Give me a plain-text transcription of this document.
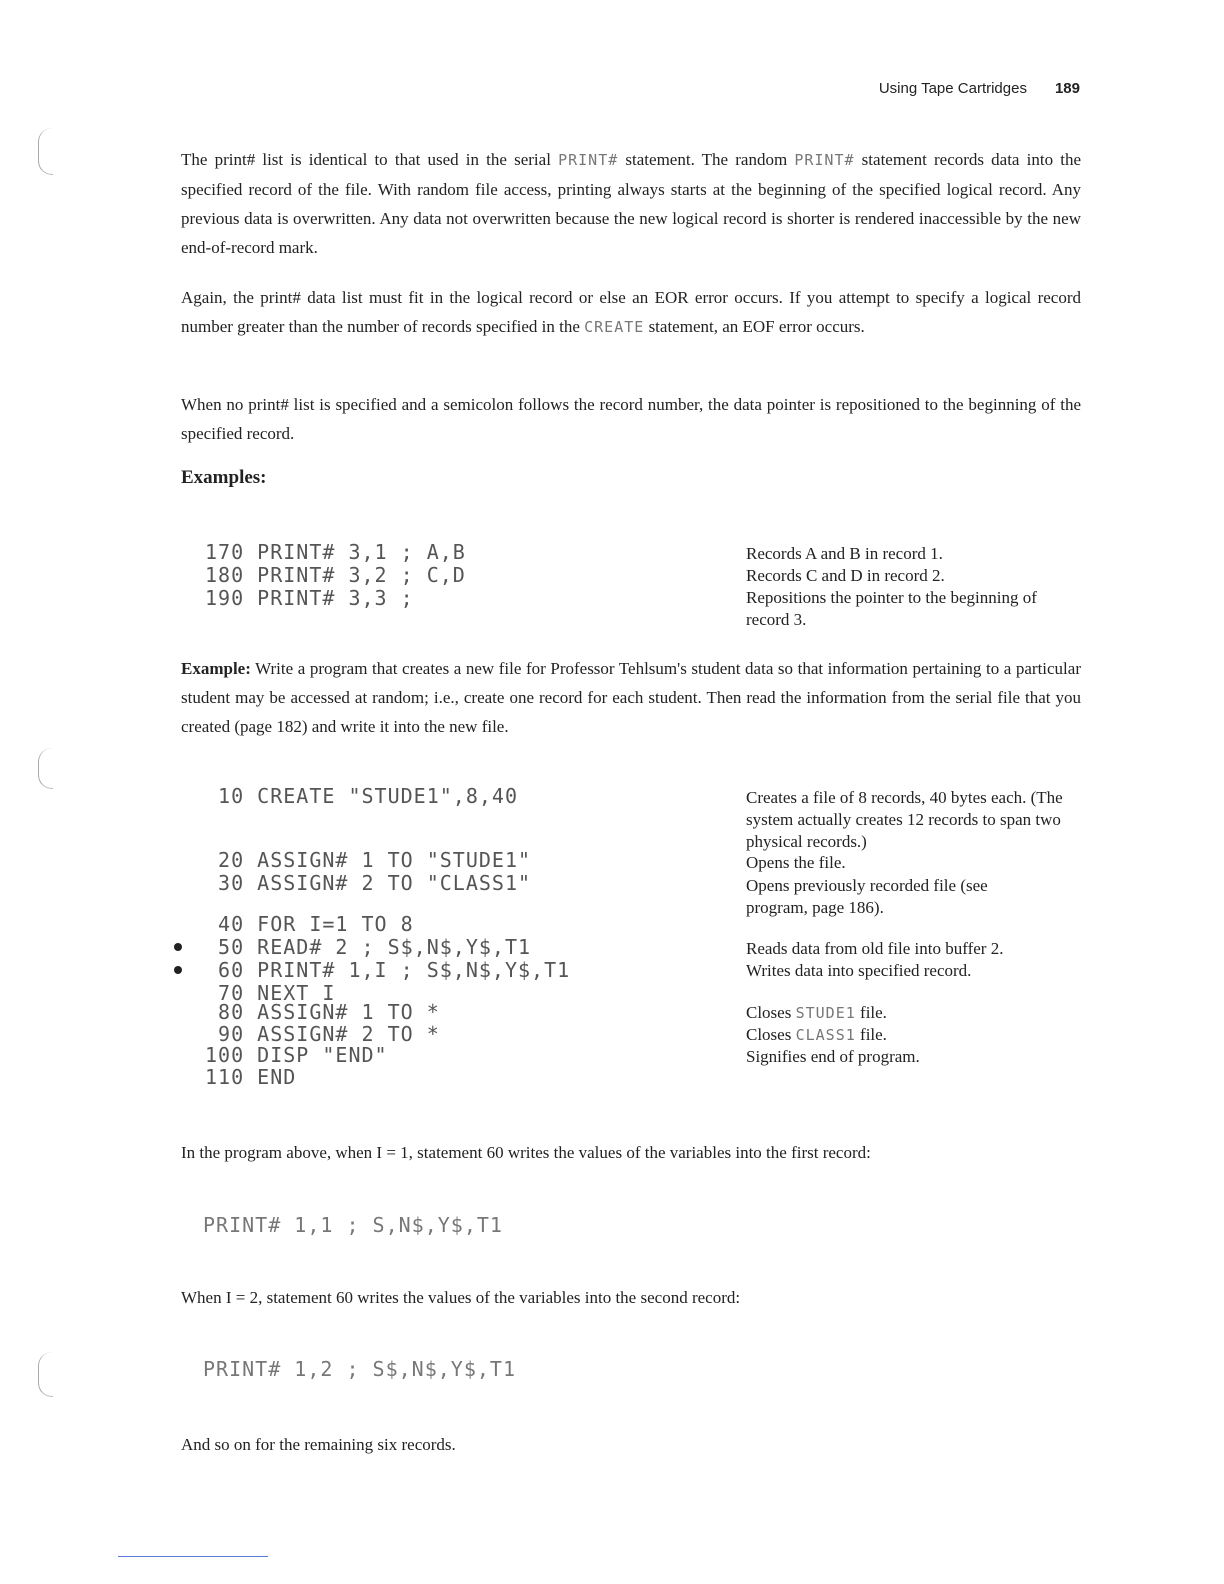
Using Tape Cartridges 189

The print# list is identical to that used in the serial PRINT# statement. The random PRINT# statement records data into the specified record of the file. With random file access, printing always starts at the beginning of the specified logical record. Any previous data is overwritten. Any data not overwritten because the new logical record is shorter is rendered inaccessible by the new end-of-record mark.

Again, the print# data list must fit in the logical record or else an EOR error occurs. If you attempt to specify a logical record number greater than the number of records specified in the CREATE statement, an EOF error occurs.

When no print# list is specified and a semicolon follows the record number, the data pointer is repositioned to the beginning of the specified record.

Examples:

170 PRINT# 3,1 ; A,B
180 PRINT# 3,2 ; C,D
190 PRINT# 3,3 ;

Records A and B in record 1.

Records C and D in record 2.

Repositions the pointer to the beginning of record 3.

Example: Write a program that creates a new file for Professor Tehlsum's student data so that information pertaining to a particular student may be accessed at random; i.e., create one record for each student. Then read the information from the serial file that you created (page 182) and write it into the new file.

10 CREATE "STUDE1",8,40
20 ASSIGN# 1 TO "STUDE1"
30 ASSIGN# 2 TO "CLASS1"
40 FOR I=1 TO 8
50 READ# 2 ; S$,N$,Y$,T1
60 PRINT# 1,I ; S$,N$,Y$,T1
70 NEXT I
80 ASSIGN# 1 TO *
90 ASSIGN# 2 TO *
100 DISP "END"
110 END

Creates a file of 8 records, 40 bytes each. (The system actually creates 12 records to span two physical records.)

Opens the file.

Opens previously recorded file (see program, page 186).

Reads data from old file into buffer 2.

Writes data into specified record.

Closes STUDE1 file.

Closes CLASS1 file.

Signifies end of program.

In the program above, when I = 1, statement 60 writes the values of the variables into the first record:

PRINT# 1,1 ; S,N$,Y$,T1

When I = 2, statement 60 writes the values of the variables into the second record:

PRINT# 1,2 ; S$,N$,Y$,T1

And so on for the remaining six records.
